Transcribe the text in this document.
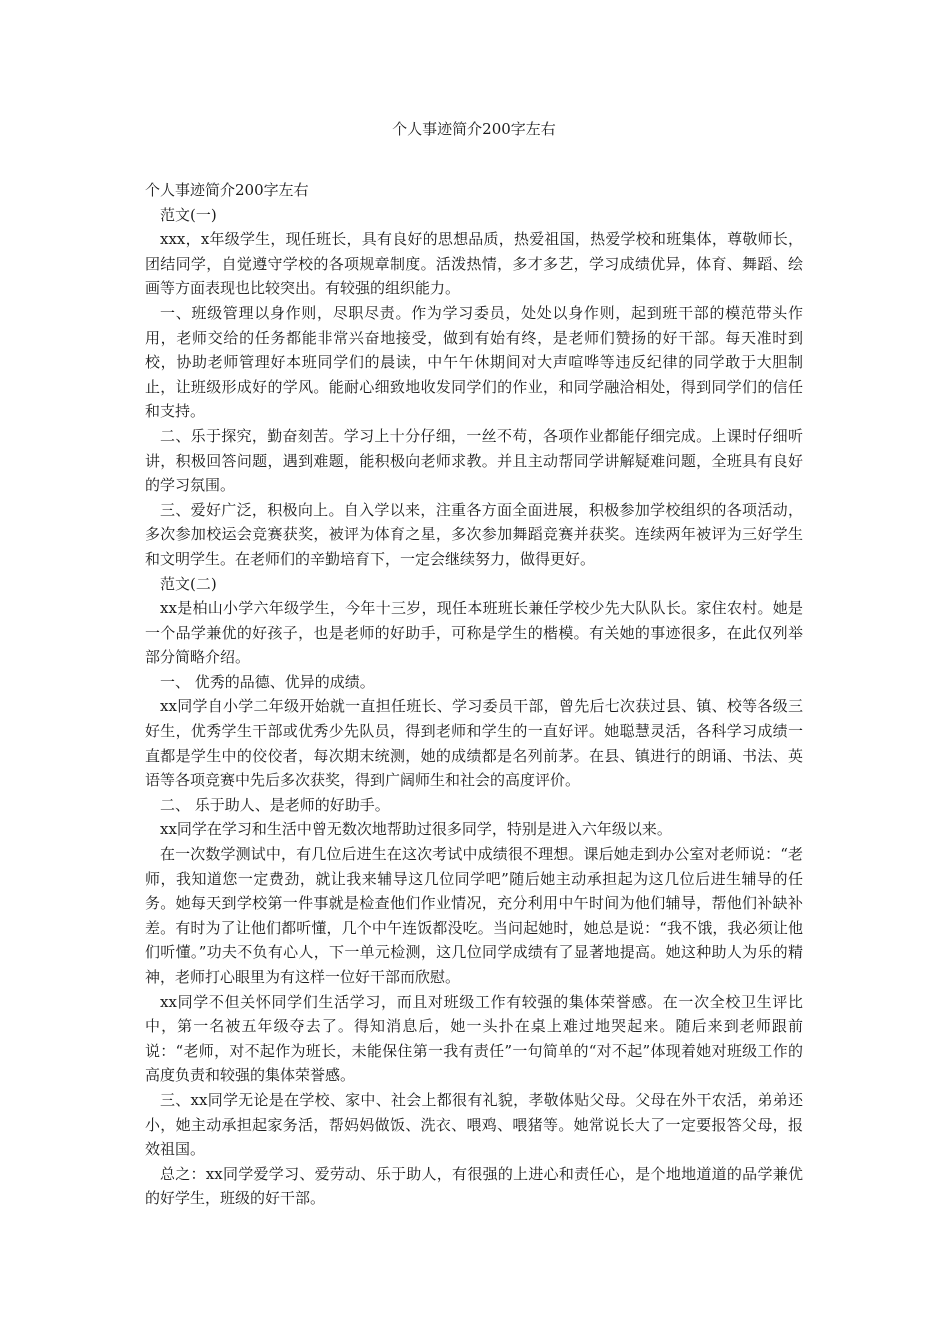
个人事迹简介200字左右

个人事迹简介200字左右

范文(一)

xxx，x年级学生，现任班长，具有良好的思想品质，热爱祖国，热爱学校和班集体，尊敬师长，团结同学，自觉遵守学校的各项规章制度。活泼热情，多才多艺，学习成绩优异，体育、舞蹈、绘画等方面表现也比较突出。有较强的组织能力。

一、班级管理以身作则，尽职尽责。作为学习委员，处处以身作则，起到班干部的模范带头作用，老师交给的任务都能非常兴奋地接受，做到有始有终，是老师们赞扬的好干部。每天准时到校，协助老师管理好本班同学们的晨读，中午午休期间对大声喧哗等违反纪律的同学敢于大胆制止，让班级形成好的学风。能耐心细致地收发同学们的作业，和同学融洽相处，得到同学们的信任和支持。

二、乐于探究，勤奋刻苦。学习上十分仔细，一丝不苟，各项作业都能仔细完成。上课时仔细听讲，积极回答问题，遇到难题，能积极向老师求教。并且主动帮同学讲解疑难问题，全班具有良好的学习氛围。

三、爱好广泛，积极向上。自入学以来，注重各方面全面进展，积极参加学校组织的各项活动，多次参加校运会竞赛获奖，被评为体育之星，多次参加舞蹈竞赛并获奖。连续两年被评为三好学生和文明学生。在老师们的辛勤培育下，一定会继续努力，做得更好。

范文(二)

xx是柏山小学六年级学生，今年十三岁，现任本班班长兼任学校少先大队队长。家住农村。她是一个品学兼优的好孩子，也是老师的好助手，可称是学生的楷模。有关她的事迹很多，在此仅列举部分简略介绍。

一、 优秀的品德、优异的成绩。

xx同学自小学二年级开始就一直担任班长、学习委员干部，曾先后七次获过县、镇、校等各级三好生，优秀学生干部或优秀少先队员，得到老师和学生的一直好评。她聪慧灵活，各科学习成绩一直都是学生中的佼佼者，每次期末统测，她的成绩都是名列前茅。在县、镇进行的朗诵、书法、英语等各项竞赛中先后多次获奖，得到广阔师生和社会的高度评价。

二、 乐于助人、是老师的好助手。

xx同学在学习和生活中曾无数次地帮助过很多同学，特别是进入六年级以来。

在一次数学测试中，有几位后进生在这次考试中成绩很不理想。课后她走到办公室对老师说：“老师，我知道您一定费劲，就让我来辅导这几位同学吧”随后她主动承担起为这几位后进生辅导的任务。她每天到学校第一件事就是检查他们作业情况，充分利用中午时间为他们辅导，帮他们补缺补差。有时为了让他们都听懂，几个中午连饭都没吃。当问起她时，她总是说：“我不饿，我必须让他们听懂。”功夫不负有心人，下一单元检测，这几位同学成绩有了显著地提高。她这种助人为乐的精神，老师打心眼里为有这样一位好干部而欣慰。

xx同学不但关怀同学们生活学习，而且对班级工作有较强的集体荣誉感。在一次全校卫生评比中，第一名被五年级夺去了。得知消息后，她一头扑在桌上难过地哭起来。随后来到老师跟前说：“老师，对不起作为班长，未能保住第一我有责任”一句简单的“对不起”体现着她对班级工作的高度负责和较强的集体荣誉感。

三、xx同学无论是在学校、家中、社会上都很有礼貌，孝敬体贴父母。父母在外干农活，弟弟还小，她主动承担起家务活，帮妈妈做饭、洗衣、喂鸡、喂猪等。她常说长大了一定要报答父母，报效祖国。

总之：xx同学爱学习、爱劳动、乐于助人，有很强的上进心和责任心，是个地地道道的品学兼优的好学生，班级的好干部。
